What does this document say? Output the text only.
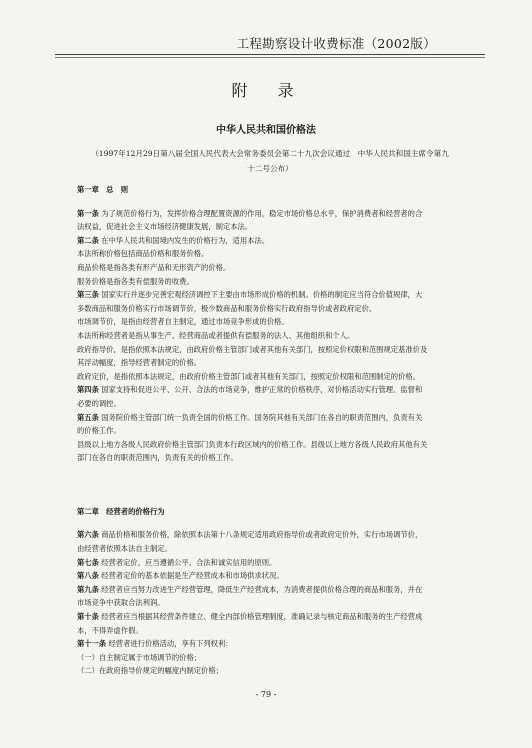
工程勘察设计收费标准（2002版）
附　录
中华人民共和国价格法
（1997年12月29日第八届全国人民代表大会常务委员会第二十九次会议通过　中华人民共和国主席令第九
十二号公布）

第一章　总　则

第一条 为了规范价格行为，发挥价格合理配置资源的作用，稳定市场价格总水平，保护消费者和经营者的合

法权益，促进社会主义市场经济健康发展，制定本法。

第二条 在中华人民共和国境内发生的价格行为，适用本法。

本法所称价格包括商品价格和服务价格。

商品价格是指各类有形产品和无形资产的价格。

服务价格是指各类有偿服务的收费。

第三条 国家实行并逐步完善宏观经济调控下主要由市场形成价格的机制。价格的制定应当符合价值规律，大

多数商品和服务价格实行市场调节价，极少数商品和服务价格实行政府指导价或者政府定价。

市场调节价，是指由经营者自主制定，通过市场竞争形成的价格。

本法所称经营者是指从事生产、经营商品或者提供有偿服务的法人、其他组织和个人。

政府指导价，是指依照本法规定，由政府价格主管部门或者其他有关部门，按照定价权限和范围规定基准价及

其浮动幅度，指导经营者制定的价格。

政府定价，是指依照本法规定，由政府价格主管部门或者其他有关部门，按照定价权限和范围制定的价格。

第四条 国家支持和促进公平、公开、合法的市场竞争，维护正常的价格秩序，对价格活动实行管理、监督和

必要的调控。

第五条 国务院价格主管部门统一负责全国的价格工作。国务院其他有关部门在各自的职责范围内，负责有关

的价格工作。

县级以上地方各级人民政府价格主管部门负责本行政区域内的价格工作。县级以上地方各级人民政府其他有关

部门在各自的职责范围内，负责有关的价格工作。

第二章　经营者的价格行为

第六条 商品价格和服务价格，除依照本法第十八条规定适用政府指导价或者政府定价外，实行市场调节价，

由经营者依照本法自主制定。

第七条 经营者定价，应当遵循公平、合法和诚实信用的原则。

第八条 经营者定价的基本依据是生产经营成本和市场供求状况。

第九条 经营者应当努力改进生产经营管理，降低生产经营成本，为消费者提供价格合理的商品和服务，并在

市场竞争中获取合法利润。

第十条 经营者应当根据其经营条件建立、健全内部价格管理制度，准确记录与核定商品和服务的生产经营成

本，不得弄虚作假。

第十一条 经营者进行价格活动，享有下列权利：

（一）自主制定属于市场调节的价格；

（二）在政府指导价规定的幅度内制定价格；

- 79 -
